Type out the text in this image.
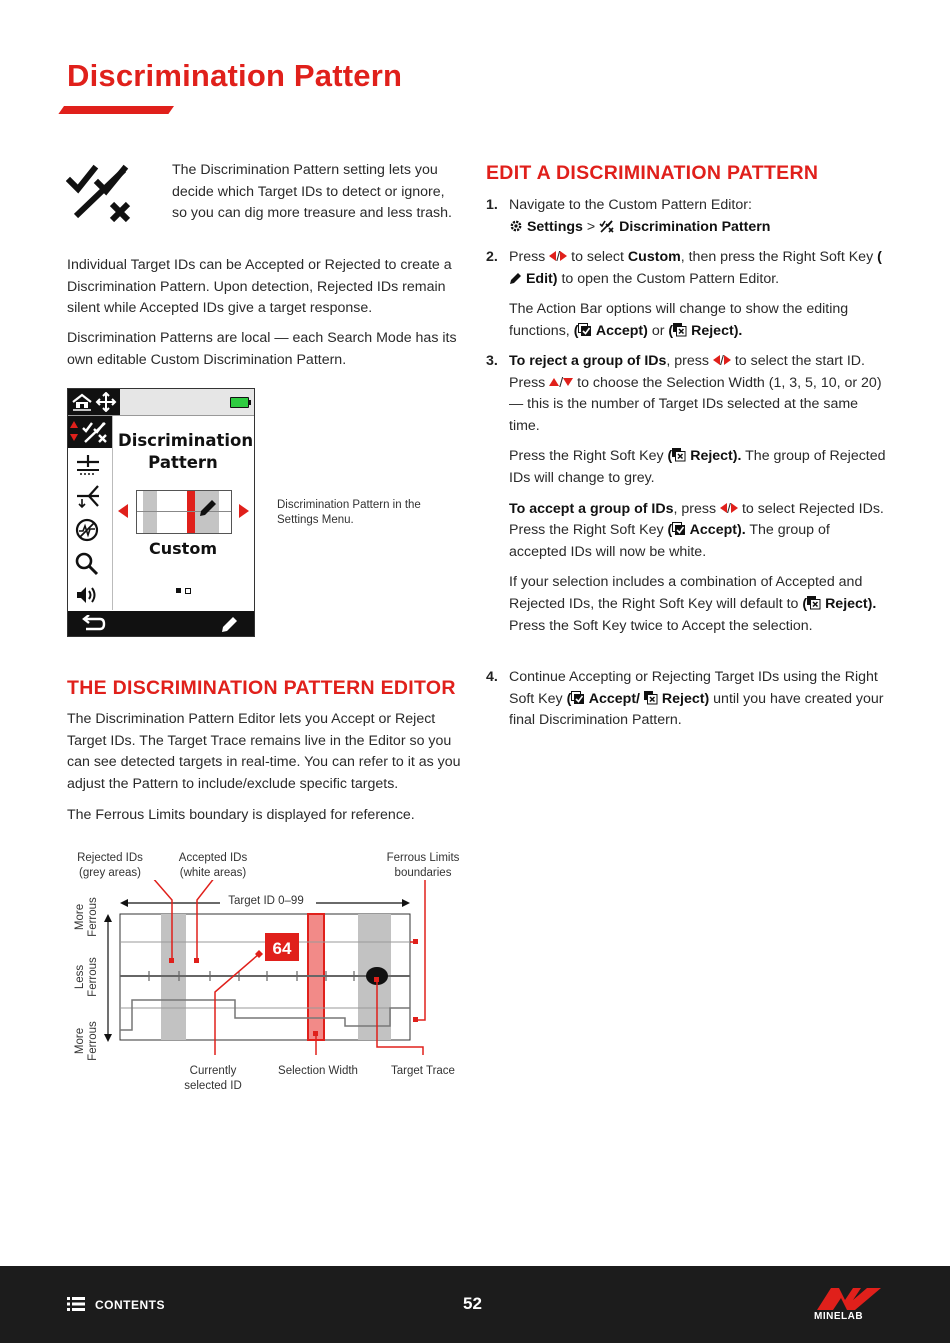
Discrimination Pattern

The Discrimination Pattern setting lets you decide which Target IDs to detect or ignore, so you can dig more treasure and less trash.

Individual Target IDs can be Accepted or Rejected to create a Discrimination Pattern. Upon detection, Rejected IDs remain silent while Accepted IDs give a target response.

Discrimination Patterns are local — each Search Mode has its own editable Custom Discrimination Pattern.

Discrimination
Pattern
Custom
Discrimination Pattern in the Settings Menu.
THE DISCRIMINATION PATTERN EDITOR

The Discrimination Pattern Editor lets you Accept or Reject Target IDs. The Target Trace remains live in the Editor so you can see detected targets in real-time. You can refer to it as you adjust the Pattern to include/exclude specific targets.

The Ferrous Limits boundary is displayed for reference.

Rejected IDs
(grey areas)
Accepted IDs
(white areas)
Ferrous Limits
boundaries
64
Target ID 0–99
More Ferrous
Less Ferrous
More Ferrous
Currently
selected ID
Selection Width	Target Trace
EDIT A DISCRIMINATION PATTERN
1. Navigate to the Custom Pattern Editor:
Settings > Discrimination Pattern

2. Press / to select Custom, then press the Right Soft Key ( Edit) to open the Custom Pattern Editor.

The Action Bar options will change to show the editing functions, ( Accept) or ( Reject).

3. To reject a group of IDs, press / to select the start ID. Press / to choose the Selection Width (1, 3, 5, 10, or 20) — this is the number of Target IDs selected at the same time.

Press the Right Soft Key ( Reject). The group of Rejected IDs will change to grey.

To accept a group of IDs, press / to select Rejected IDs. Press the Right Soft Key ( Accept). The group of accepted IDs will now be white.

If your selection includes a combination of Accepted and Rejected IDs, the Right Soft Key will default to ( Reject). Press the Soft Key twice to Accept the selection.

4. Continue Accepting or Rejecting Target IDs using the Right Soft Key ( Accept/ Reject) until you have created your final Discrimination Pattern.

CONTENTS	52
MINELAB
